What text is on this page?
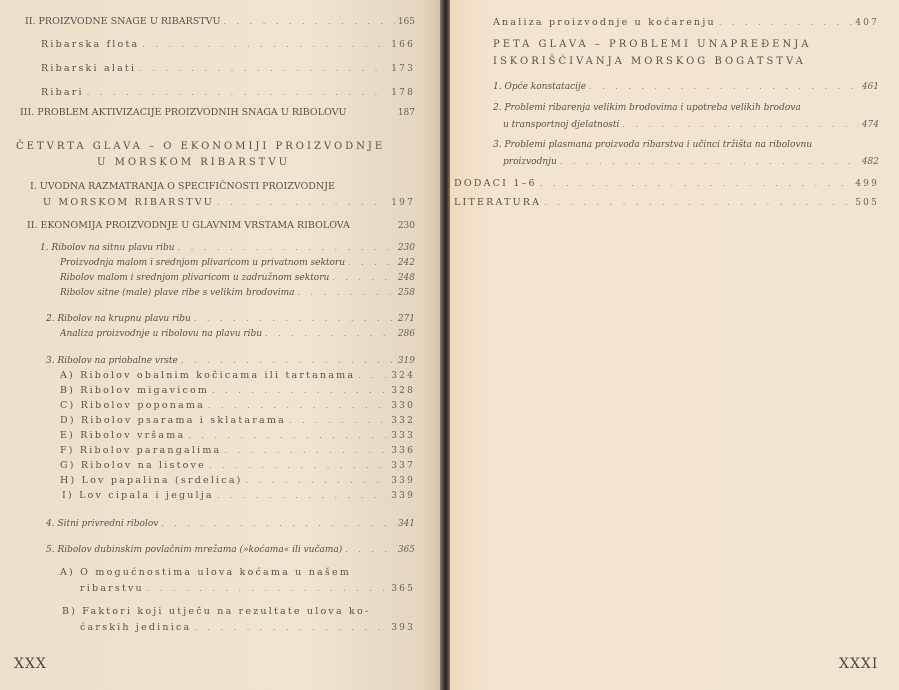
II. PROIZVODNE SNAGE U RIBARSTVU . . .	165
Ribarska flota . . .	166
Ribarski alati . . .	173
Ribari . . .	178
III. PROBLEM AKTIVIZACIJE PROIZVODNIH SNAGA U RIBOLOVU	187
ČETVRTA GLAVA – O EKONOMIJI PROIZVODNJE
U MORSKOM RIBARSTVU
I. UVODNA RAZMATRANJA O SPECIFIČNOSTI PROIZVODNJE
U MORSKOM RIBARSTVU . . .	197
II. EKONOMIJA PROIZVODNJE U GLAVNIM VRSTAMA RIBOLOVA	230
1. Ribolov na sitnu plavu ribu . . .	230
Proizvodnja malom i srednjom plivaricom u privatnom sektoru . . .	242
Ribolov malom i srednjom plivaricom u zadružnom sektoru . . .	248
Ribolov sitne (male) plave ribe s velikim brodovima . . .	258
2. Ribolov na krupnu plavu ribu . . .	271
Analiza proizvodnje u ribolovu na plavu ribu . . .	286
3. Ribolov na priobalne vrste . . .	319
A) Ribolov obalnim kočicama ili tartanama . . .	324
B) Ribolov migavicom . . .	328
C) Ribolov poponama . . .	330
D) Ribolov psarama i sklatarama . . .	332
E) Ribolov vršama . . .	333
F) Ribolov parangalima . . .	336
G) Ribolov na listove . . .	337
H) Lov papalina (srdelica) . . .	339
I) Lov cipala i jegulja . . .	339
4. Sitni privredni ribolov . . .	341
5. Ribolov dubinskim povlačnim mrežama (»koćama« ili vučama) . . .	365
A) O mogućnostima ulova koćama u našem
ribarstvu . . .	365
B) Faktori koji utječu na rezultate ulova ko-
ćarskih jedinica . . .	393
XXX
Analiza proizvodnje u koćarenju . . .	407
PETA GLAVA – PROBLEMI UNAPREĐENJA
ISKORIŠĆIVANJA MORSKOG BOGATSTVA
1. Opće konstatacije . . .	461
2. Problemi ribarenja velikim brodovima i upotreba velikih brodova
u transportnoj djelatnosti . . .	474
3. Problemi plasmana proizvoda ribarstva i učinci tržišta na ribolovnu
proizvodnju . . .	482
DODACI 1–6 . . .	499
LITERATURA . . .	505
XXXI
